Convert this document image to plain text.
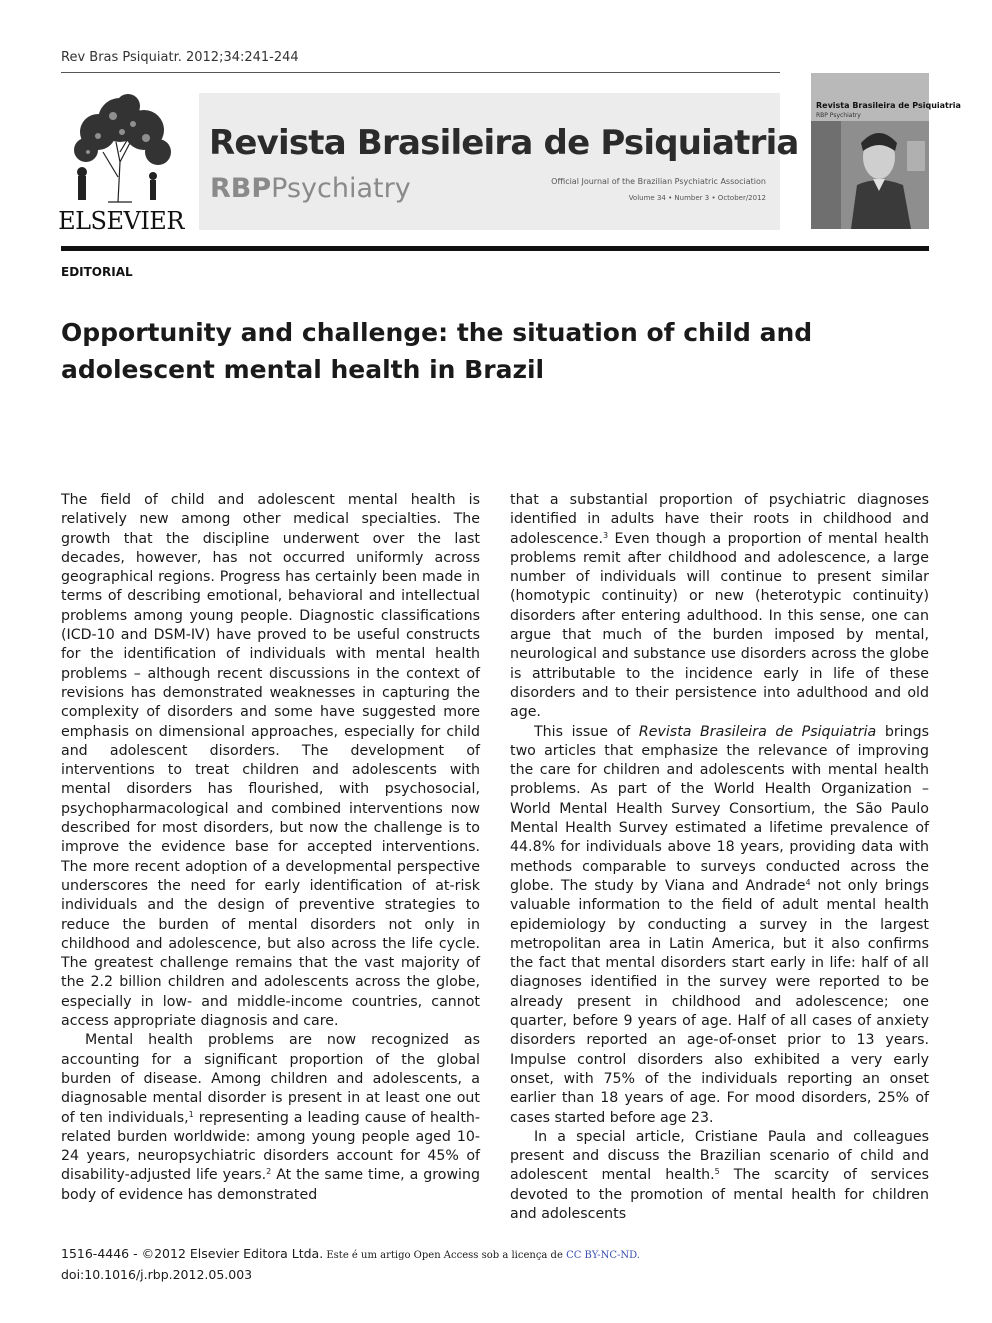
Rev Bras Psiquiatr. 2012;34:241-244
ELSEVIER
Revista Brasileira de Psiquiatria
RBPPsychiatry	Official Journal of the Brazilian Psychiatric Association
Volume 34 • Number 3 • October/2012
Revista Brasileira de Psiquiatria
RBP Psychiatry
EDITORIAL
Opportunity and challenge: the situation of child and adolescent mental health in Brazil

The field of child and adolescent mental health is relatively new among other medical specialties. The growth that the discipline underwent over the last decades, however, has not occurred uniformly across geographical regions. Progress has certainly been made in terms of describing emotional, behavioral and intellectual problems among young people. Diagnostic classifications (ICD-10 and DSM-IV) have proved to be useful constructs for the identification of individuals with mental health problems – although recent discussions in the context of revisions has demonstrated weaknesses in capturing the complexity of disorders and some have suggested more emphasis on dimensional approaches, especially for child and adolescent disorders. The development of interventions to treat children and adolescents with mental disorders has flourished, with psychosocial, psychopharmacological and combined interventions now described for most disorders, but now the challenge is to improve the evidence base for accepted interventions. The more recent adoption of a developmental perspective underscores the need for early identification of at-risk individuals and the design of preventive strategies to reduce the burden of mental disorders not only in childhood and adolescence, but also across the life cycle. The greatest challenge remains that the vast majority of the 2.2 billion children and adolescents across the globe, especially in low- and middle-income countries, cannot access appropriate diagnosis and care.

Mental health problems are now recognized as accounting for a significant proportion of the global burden of disease. Among children and adolescents, a diagnosable mental disorder is present in at least one out of ten individuals,$^1$ representing a leading cause of health-related burden worldwide: among young people aged 10-24 years, neuropsychiatric disorders account for 45% of disability-adjusted life years.$^2$ At the same time, a growing body of evidence has demonstrated

that a substantial proportion of psychiatric diagnoses identified in adults have their roots in childhood and adolescence.$^3$ Even though a proportion of mental health problems remit after childhood and adolescence, a large number of individuals will continue to present similar (homotypic continuity) or new (heterotypic continuity) disorders after entering adulthood. In this sense, one can argue that much of the burden imposed by mental, neurological and substance use disorders across the globe is attributable to the incidence early in life of these disorders and to their persistence into adulthood and old age.

This issue of Revista Brasileira de Psiquiatria brings two articles that emphasize the relevance of improving the care for children and adolescents with mental health problems. As part of the World Health Organization – World Mental Health Survey Consortium, the São Paulo Mental Health Survey estimated a lifetime prevalence of 44.8% for individuals above 18 years, providing data with methods comparable to surveys conducted across the globe. The study by Viana and Andrade$^4$ not only brings valuable information to the field of adult mental health epidemiology by conducting a survey in the largest metropolitan area in Latin America, but it also confirms the fact that mental disorders start early in life: half of all diagnoses identified in the survey were reported to be already present in childhood and adolescence; one quarter, before 9 years of age. Half of all cases of anxiety disorders reported an age-of-onset prior to 13 years. Impulse control disorders also exhibited a very early onset, with 75% of the individuals reporting an onset earlier than 18 years of age. For mood disorders, 25% of cases started before age 23.

In a special article, Cristiane Paula and colleagues present and discuss the Brazilian scenario of child and adolescent mental health.$^5$ The scarcity of services devoted to the promotion of mental health for children and adolescents

1516-4446 - ©2012 Elsevier Editora Ltda. Este é um artigo Open Access sob a licença de CC BY-NC-ND.
doi:10.1016/j.rbp.2012.05.003
